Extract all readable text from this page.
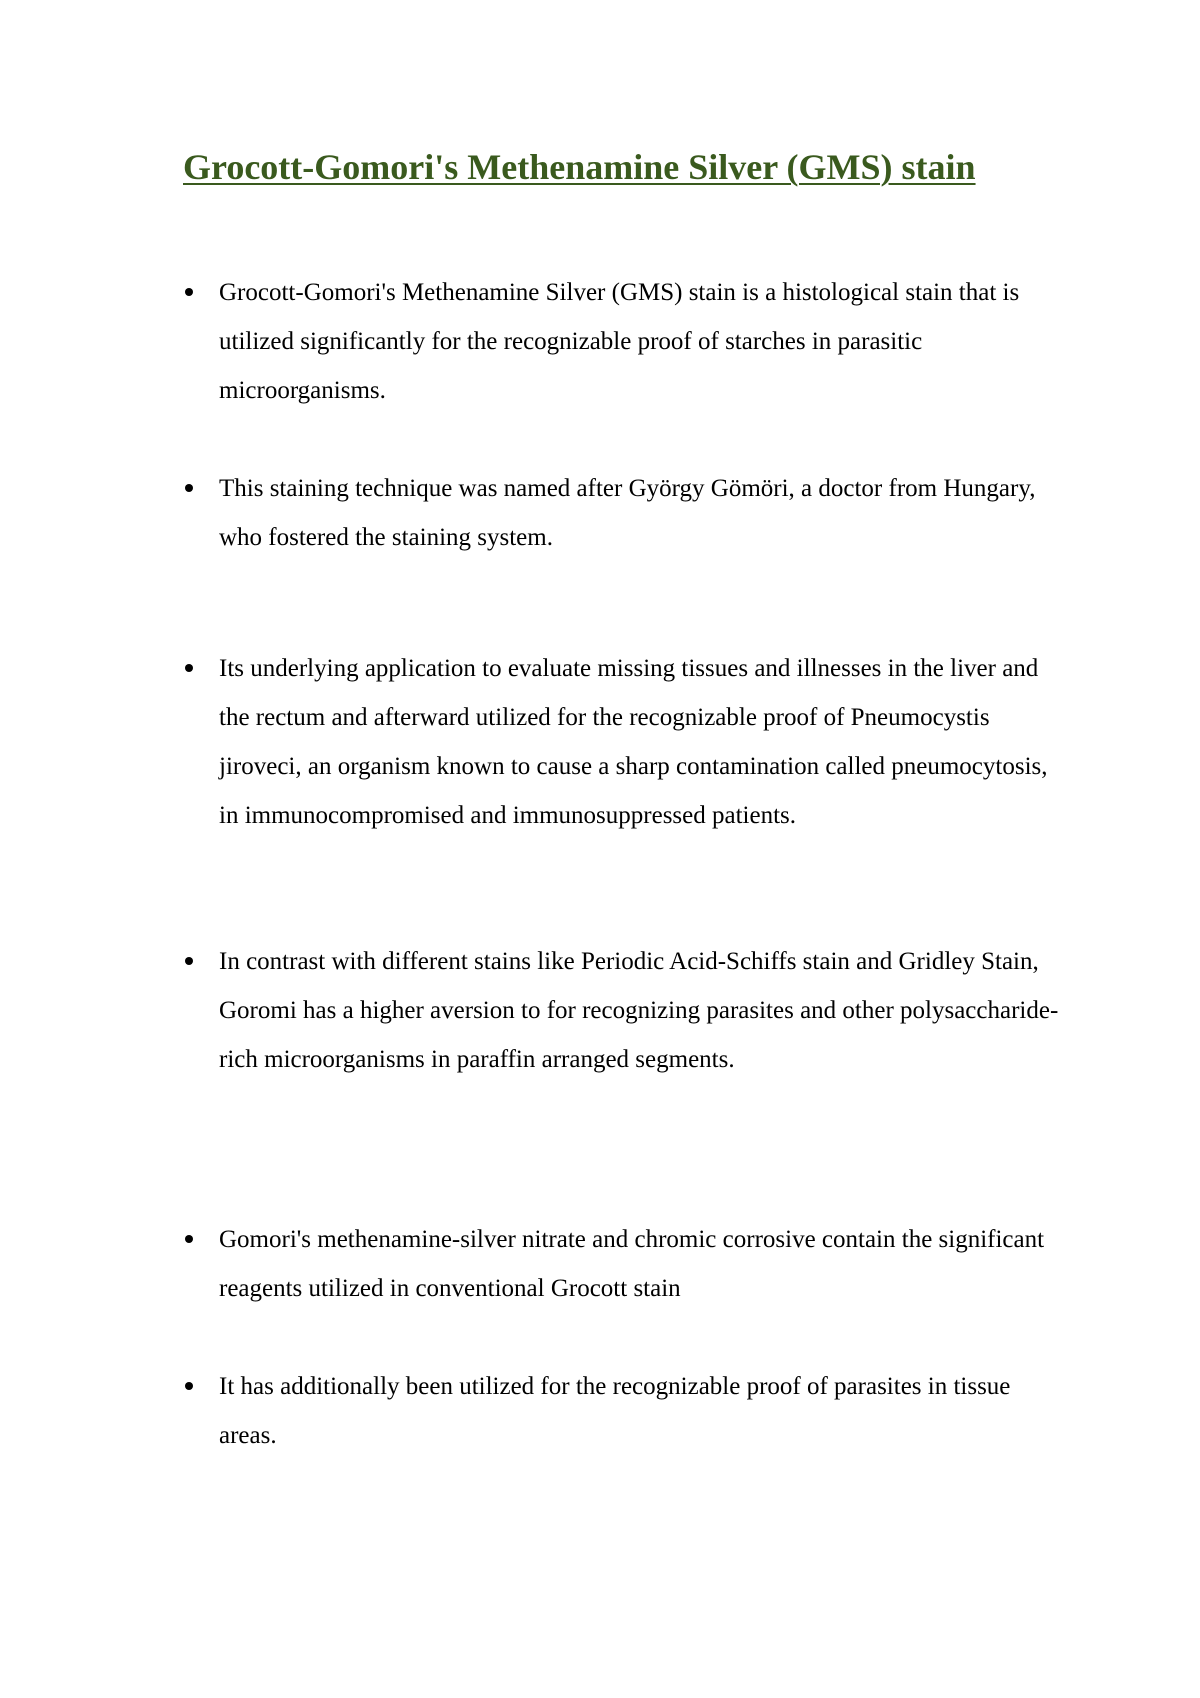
Grocott-Gomori's Methenamine Silver (GMS) stain
Grocott-Gomori's Methenamine Silver (GMS) stain is a histological stain that is utilized significantly for the recognizable proof of starches in parasitic microorganisms.
This staining technique was named after György Gömöri, a doctor from Hungary, who fostered the staining system.
Its underlying application to evaluate missing tissues and illnesses in the liver and the rectum and afterward utilized for the recognizable proof of Pneumocystis jiroveci, an organism known to cause a sharp contamination called pneumocytosis, in immunocompromised and immunosuppressed patients.
In contrast with different stains like Periodic Acid-Schiffs stain and Gridley Stain, Goromi has a higher aversion to for recognizing parasites and other polysaccharide-rich microorganisms in paraffin arranged segments.
Gomori's methenamine-silver nitrate and chromic corrosive contain the significant reagents utilized in conventional Grocott stain
It has additionally been utilized for the recognizable proof of parasites in tissue areas.
